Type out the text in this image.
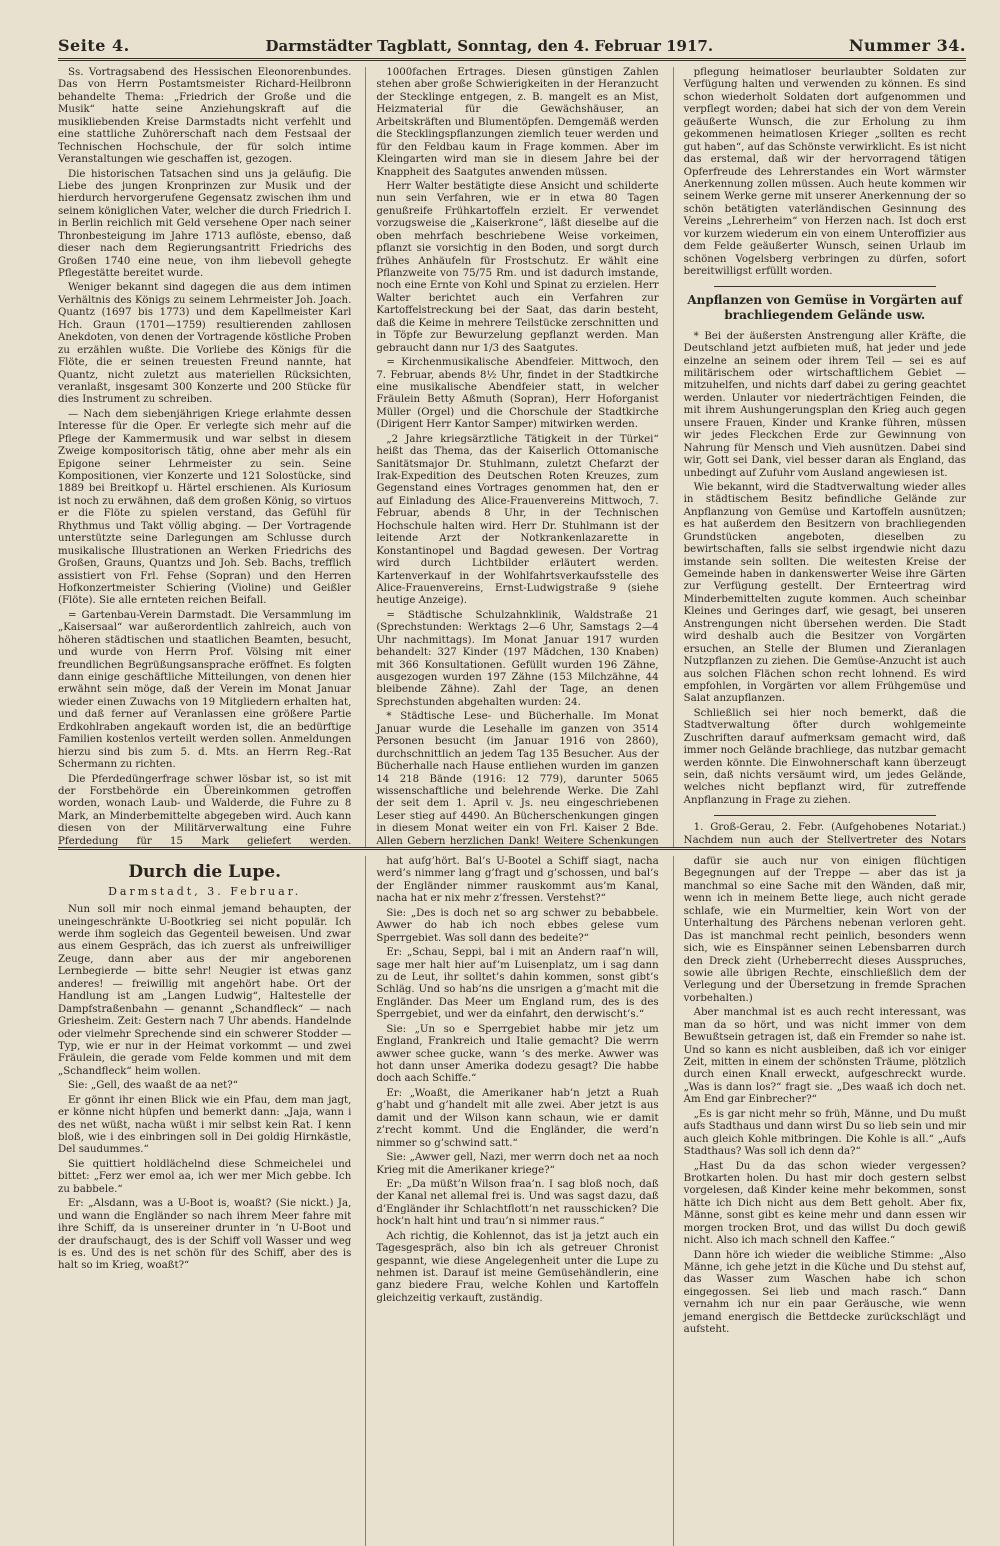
Seite 4.	Darmstädter Tagblatt, Sonntag, den 4. Februar 1917.	Nummer 34.

Ss. Vortragsabend des Hessischen Eleonorenbundes. Das von Herrn Postamtsmeister Richard-Heilbronn behandelte Thema: „Friedrich der Große und die Musik“ hatte seine Anziehungskraft auf die musikliebenden Kreise Darmstadts nicht verfehlt und eine stattliche Zuhörerschaft nach dem Festsaal der Technischen Hochschule, der für solch intime Veranstaltungen wie geschaffen ist, gezogen.

Die historischen Tatsachen sind uns ja geläufig. Die Liebe des jungen Kronprinzen zur Musik und der hierdurch hervorgerufene Gegensatz zwischen ihm und seinem königlichen Vater, welcher die durch Friedrich I. in Berlin reichlich mit Geld versehene Oper nach seiner Thronbesteigung im Jahre 1713 auflöste, ebenso, daß dieser nach dem Regierungsantritt Friedrichs des Großen 1740 eine neue, von ihm liebevoll gehegte Pflegestätte bereitet wurde.

Weniger bekannt sind dagegen die aus dem intimen Verhältnis des Königs zu seinem Lehrmeister Joh. Joach. Quantz (1697 bis 1773) und dem Kapellmeister Karl Hch. Graun (1701—1759) resultierenden zahllosen Anekdoten, von denen der Vortragende köstliche Proben zu erzählen wußte. Die Vorliebe des Königs für die Flöte, die er seinen treuesten Freund nannte, hat Quantz, nicht zuletzt aus materiellen Rücksichten, veranlaßt, insgesamt 300 Konzerte und 200 Stücke für dies Instrument zu schreiben.

— Nach dem siebenjährigen Kriege erlahmte dessen Interesse für die Oper. Er verlegte sich mehr auf die Pflege der Kammermusik und war selbst in diesem Zweige kompositorisch tätig, ohne aber mehr als ein Epigone seiner Lehrmeister zu sein. Seine Kompositionen, vier Konzerte und 121 Solostücke, sind 1889 bei Breitkopf u. Härtel erschienen. Als Kuriosum ist noch zu erwähnen, daß dem großen König, so virtuos er die Flöte zu spielen verstand, das Gefühl für Rhythmus und Takt völlig abging. — Der Vortragende unterstützte seine Darlegungen am Schlusse durch musikalische Illustrationen an Werken Friedrichs des Großen, Grauns, Quantzs und Joh. Seb. Bachs, trefflich assistiert von Frl. Fehse (Sopran) und den Herren Hofkonzertmeister Schiering (Violine) und Geißler (Flöte). Sie alle ernteten reichen Beifall.

= Gartenbau-Verein Darmstadt. Die Versammlung im „Kaisersaal“ war außerordentlich zahlreich, auch von höheren städtischen und staatlichen Beamten, besucht, und wurde von Herrn Prof. Völsing mit einer freundlichen Begrüßungsansprache eröffnet. Es folgten dann einige geschäftliche Mitteilungen, von denen hier erwähnt sein möge, daß der Verein im Monat Januar wieder einen Zuwachs von 19 Mitgliedern erhalten hat, und daß ferner auf Veranlassen eine größere Partie Erdkohlraben angekauft worden ist, die an bedürftige Familien kostenlos verteilt werden sollen. Anmeldungen hierzu sind bis zum 5. d. Mts. an Herrn Reg.-Rat Schermann zu richten.

Die Pferdedüngerfrage schwer lösbar ist, so ist mit der Forstbehörde ein Übereinkommen getroffen worden, wonach Laub- und Walderde, die Fuhre zu 8 Mark, an Minderbemittelte abgegeben wird. Auch kann diesen von der Militärverwaltung eine Fuhre Pferdedung für 15 Mark geliefert werden.

1000fachen Ertrages. Diesen günstigen Zahlen stehen aber große Schwierigkeiten in der Heranzucht der Stecklinge entgegen, z. B. mangelt es an Mist, Heizmaterial für die Gewächshäuser, an Arbeitskräften und Blumentöpfen. Demgemäß werden die Stecklingspflanzungen ziemlich teuer werden und für den Feldbau kaum in Frage kommen. Aber im Kleingarten wird man sie in diesem Jahre bei der Knappheit des Saatgutes anwenden müssen.

Herr Walter bestätigte diese Ansicht und schilderte nun sein Verfahren, wie er in etwa 80 Tagen genußreife Frühkartoffeln erzielt. Er verwendet vorzugsweise die „Kaiserkrone“, läßt dieselbe auf die oben mehrfach beschriebene Weise vorkeimen, pflanzt sie vorsichtig in den Boden, und sorgt durch frühes Anhäufeln für Frostschutz. Er wählt eine Pflanzweite von 75/75 Rm. und ist dadurch imstande, noch eine Ernte von Kohl und Spinat zu erzielen. Herr Walter berichtet auch ein Verfahren zur Kartoffelstreckung bei der Saat, das darin besteht, daß die Keime in mehrere Teilstücke zerschnitten und in Töpfe zur Bewurzelung gepflanzt werden. Man gebraucht dann nur 1/3 des Saatgutes.

= Kirchenmusikalische Abendfeier. Mittwoch, den 7. Februar, abends 8½ Uhr, findet in der Stadtkirche eine musikalische Abendfeier statt, in welcher Fräulein Betty Aßmuth (Sopran), Herr Hoforganist Müller (Orgel) und die Chorschule der Stadtkirche (Dirigent Herr Kantor Samper) mitwirken werden.

„2 Jahre kriegsärztliche Tätigkeit in der Türkei“ heißt das Thema, das der Kaiserlich Ottomanische Sanitätsmajor Dr. Stuhlmann, zuletzt Chefarzt der Irak-Expedition des Deutschen Roten Kreuzes, zum Gegenstand eines Vortrages genommen hat, den er auf Einladung des Alice-Frauenvereins Mittwoch, 7. Februar, abends 8 Uhr, in der Technischen Hochschule halten wird. Herr Dr. Stuhlmann ist der leitende Arzt der Notkrankenlazarette in Konstantinopel und Bagdad gewesen. Der Vortrag wird durch Lichtbilder erläutert werden. Kartenverkauf in der Wohlfahrtsverkaufsstelle des Alice-Frauenvereins, Ernst-Ludwigstraße 9 (siehe heutige Anzeige).

= Städtische Schulzahnklinik, Waldstraße 21 (Sprechstunden: Werktags 2—6 Uhr, Samstags 2—4 Uhr nachmittags). Im Monat Januar 1917 wurden behandelt: 327 Kinder (197 Mädchen, 130 Knaben) mit 366 Konsultationen. Gefüllt wurden 196 Zähne, ausgezogen wurden 197 Zähne (153 Milchzähne, 44 bleibende Zähne). Zahl der Tage, an denen Sprechstunden abgehalten wurden: 24.

* Städtische Lese- und Bücherhalle. Im Monat Januar wurde die Lesehalle im ganzen von 3514 Personen besucht (im Januar 1916 von 2860), durchschnittlich an jedem Tag 135 Besucher. Aus der Bücherhalle nach Hause entliehen wurden im ganzen 14 218 Bände (1916: 12 779), darunter 5065 wissenschaftliche und belehrende Werke. Die Zahl der seit dem 1. April v. Js. neu eingeschriebenen Leser stieg auf 4490. An Bücherschenkungen gingen in diesem Monat weiter ein von Frl. Kaiser 2 Bde. Allen Gebern herzlichen Dank! Weitere Schenkungen

pflegung heimatloser beurlaubter Soldaten zur Verfügung halten und verwenden zu können. Es sind schon wiederholt Soldaten dort aufgenommen und verpflegt worden; dabei hat sich der von dem Verein geäußerte Wunsch, die zur Erholung zu ihm gekommenen heimatlosen Krieger „sollten es recht gut haben“, auf das Schönste verwirklicht. Es ist nicht das erstemal, daß wir der hervorragend tätigen Opferfreude des Lehrerstandes ein Wort wärmster Anerkennung zollen müssen. Auch heute kommen wir seinem Werke gerne mit unserer Anerkennung der so schön betätigten vaterländischen Gesinnung des Vereins „Lehrerheim“ von Herzen nach. Ist doch erst vor kurzem wiederum ein von einem Unteroffizier aus dem Felde geäußerter Wunsch, seinen Urlaub im schönen Vogelsberg verbringen zu dürfen, sofort bereitwilligst erfüllt worden.

Anpflanzen von Gemüse in Vorgärten auf brachliegendem Gelände usw.

* Bei der äußersten Anstrengung aller Kräfte, die Deutschland jetzt aufbieten muß, hat jeder und jede einzelne an seinem oder ihrem Teil — sei es auf militärischem oder wirtschaftlichem Gebiet — mitzuhelfen, und nichts darf dabei zu gering geachtet werden. Unlauter vor niederträchtigen Feinden, die mit ihrem Aushungerungsplan den Krieg auch gegen unsere Frauen, Kinder und Kranke führen, müssen wir jedes Fleckchen Erde zur Gewinnung von Nahrung für Mensch und Vieh ausnützen. Dabei sind wir, Gott sei Dank, viel besser daran als England, das unbedingt auf Zufuhr vom Ausland angewiesen ist.

Wie bekannt, wird die Stadtverwaltung wieder alles in städtischem Besitz befindliche Gelände zur Anpflanzung von Gemüse und Kartoffeln ausnützen; es hat außerdem den Besitzern von brachliegenden Grundstücken angeboten, dieselben zu bewirtschaften, falls sie selbst irgendwie nicht dazu imstande sein sollten. Die weitesten Kreise der Gemeinde haben in dankenswerter Weise ihre Gärten zur Verfügung gestellt. Der Ernteertrag wird Minderbemittelten zugute kommen. Auch scheinbar Kleines und Geringes darf, wie gesagt, bei unseren Anstrengungen nicht übersehen werden. Die Stadt wird deshalb auch die Besitzer von Vorgärten ersuchen, an Stelle der Blumen und Zieranlagen Nutzpflanzen zu ziehen. Die Gemüse-Anzucht ist auch aus solchen Flächen schon recht lohnend. Es wird empfohlen, in Vorgärten vor allem Frühgemüse und Salat anzupflanzen.

Schließlich sei hier noch bemerkt, daß die Stadtverwaltung öfter durch wohlgemeinte Zuschriften darauf aufmerksam gemacht wird, daß immer noch Gelände brachliege, das nutzbar gemacht werden könnte. Die Einwohnerschaft kann überzeugt sein, daß nichts versäumt wird, um jedes Gelände, welches nicht bepflanzt wird, für zutreffende Anpflanzung in Frage zu ziehen.

1. Groß-Gerau, 2. Febr. (Aufgehobenes Notariat.) Nachdem nun auch der Stellvertreter des Notars

Durch die Lupe.
Darmstadt, 3. Februar.

Nun soll mir noch einmal jemand behaupten, der uneingeschränkte U-Bootkrieg sei nicht populär. Ich werde ihm sogleich das Gegenteil beweisen. Und zwar aus einem Gespräch, das ich zuerst als unfreiwilliger Zeuge, dann aber aus der mir angeborenen Lernbegierde — bitte sehr! Neugier ist etwas ganz anderes! — freiwillig mit angehört habe. Ort der Handlung ist am „Langen Ludwig“, Haltestelle der Dampfstraßenbahn — genannt „Schandfleck“ — nach Griesheim. Zeit: Gestern nach 7 Uhr abends. Handelnde oder vielmehr Sprechende sind ein schwerer Stodder — Typ, wie er nur in der Heimat vorkommt — und zwei Fräulein, die gerade vom Felde kommen und mit dem „Schandfleck“ heim wollen.

Sie: „Gell, des waaßt de aa net?“

Er gönnt ihr einen Blick wie ein Pfau, dem man jagt, er könne nicht hüpfen und bemerkt dann: „Jaja, wann i des net wüßt, nacha wüßt i mir selbst kein Rat. I kenn bloß, wie i des einbringen soll in Dei goldig Hirnkästle, Del saudummes.“

Sie quittiert holdlächelnd diese Schmeichelei und bittet: „Ferz wer emol aa, ich wer mer Mich gebbe. Ich zu babbele.“

Er: „Alsdann, was a U-Boot is, woaßt? (Sie nickt.) Ja, und wann die Engländer so nach ihrem Meer fahre mit ihre Schiff, da is unsereiner drunter in ’n U-Boot und der draufschaugt, des is der Schiff voll Wasser und weg is es. Und des is net schön für des Schiff, aber des is halt so im Krieg, woaßt?“

hat aufg’hört. Bal’s U-Bootel a Schiff siagt, nacha werd’s nimmer lang g’fragt und g’schossen, und bal’s der Engländer nimmer rauskommt aus’m Kanal, nacha hat er nix mehr z’fressen. Verstehst?“

Sie: „Des is doch net so arg schwer zu bebabbele. Awwer do hab ich noch ebbes gelese vum Sperrgebiet. Was soll dann des bedeite?“

Er: „Schau, Seppi, bal i mit an Andern raaf’n will, sage mer halt hier auf’m Luisenplatz, um i sag dann zu de Leut, ihr solltet’s dahin kommen, sonst gibt’s Schläg. Und so hab’ns die unsrigen a g’macht mit die Engländer. Das Meer um England rum, des is des Sperrgebiet, und wer da einfahrt, den derwischt’s.“

Sie: „Un so e Sperrgebiet habbe mir jetz um England, Frankreich und Italie gemacht? Die werrn awwer schee gucke, wann ‘s des merke. Awwer was hot dann unser Amerika dodezu gesagt? Die habbe doch aach Schiffe.“

Er: „Woaßt, die Amerikaner hab’n jetzt a Ruah g’habt und g’handelt mit alle zwei. Aber jetzt is aus damit und der Wilson kann schaun, wie er damit z’recht kommt. Und die Engländer, die werd’n nimmer so g’schwind satt.“

Sie: „Awwer gell, Nazi, mer werrn doch net aa noch Krieg mit die Amerikaner kriege?“

Er: „Da müßt’n Wilson fraa’n. I sag bloß noch, daß der Kanal net allemal frei is. Und was sagst dazu, daß d’Engländer ihr Schlachtflott’n net rausschicken? Die hock’n halt hint und trau’n si nimmer raus.“

Ach richtig, die Kohlennot, das ist ja jetzt auch ein Tagesgespräch, also bin ich als getreuer Chronist gespannt, wie diese Angelegenheit unter die Lupe zu nehmen ist. Darauf ist meine Gemüsehändlerin, eine ganz biedere Frau, welche Kohlen und Kartoffeln gleichzeitig verkauft, zuständig.

dafür sie auch nur von einigen flüchtigen Begegnungen auf der Treppe — aber das ist ja manchmal so eine Sache mit den Wänden, daß mir, wenn ich in meinem Bette liege, auch nicht gerade schlafe, wie ein Murmeltier, kein Wort von der Unterhaltung des Pärchens nebenan verloren geht. Das ist manchmal recht peinlich, besonders wenn sich, wie es Einspänner seinen Lebensbarren durch den Dreck zieht (Urheberrecht dieses Ausspruches, sowie alle übrigen Rechte, einschließlich dem der Verlegung und der Übersetzung in fremde Sprachen vorbehalten.)

Aber manchmal ist es auch recht interessant, was man da so hört, und was nicht immer von dem Bewußtsein getragen ist, daß ein Fremder so nahe ist. Und so kann es nicht ausbleiben, daß ich vor einiger Zeit, mitten in einem der schönsten Träume, plötzlich durch einen Knall erweckt, aufgeschreckt wurde. „Was is dann los?“ fragt sie. „Des waaß ich doch net. Am End gar Einbrecher?“

„Es is gar nicht mehr so früh, Männe, und Du mußt aufs Stadthaus und dann wirst Du so lieb sein und mir auch gleich Kohle mitbringen. Die Kohle is all.“ „Aufs Stadthaus? Was soll ich denn da?“

„Hast Du da das schon wieder vergessen? Brotkarten holen. Du hast mir doch gestern selbst vorgelesen, daß Kinder keine mehr bekommen, sonst hätte ich Dich nicht aus dem Bett geholt. Aber fix, Männe, sonst gibt es keine mehr und dann essen wir morgen trocken Brot, und das willst Du doch gewiß nicht. Also ich mach schnell den Kaffee.“

Dann höre ich wieder die weibliche Stimme: „Also Männe, ich gehe jetzt in die Küche und Du stehst auf, das Wasser zum Waschen habe ich schon eingegossen. Sei lieb und mach rasch.“ Dann vernahm ich nur ein paar Geräusche, wie wenn jemand energisch die Bettdecke zurückschlägt und aufsteht.
